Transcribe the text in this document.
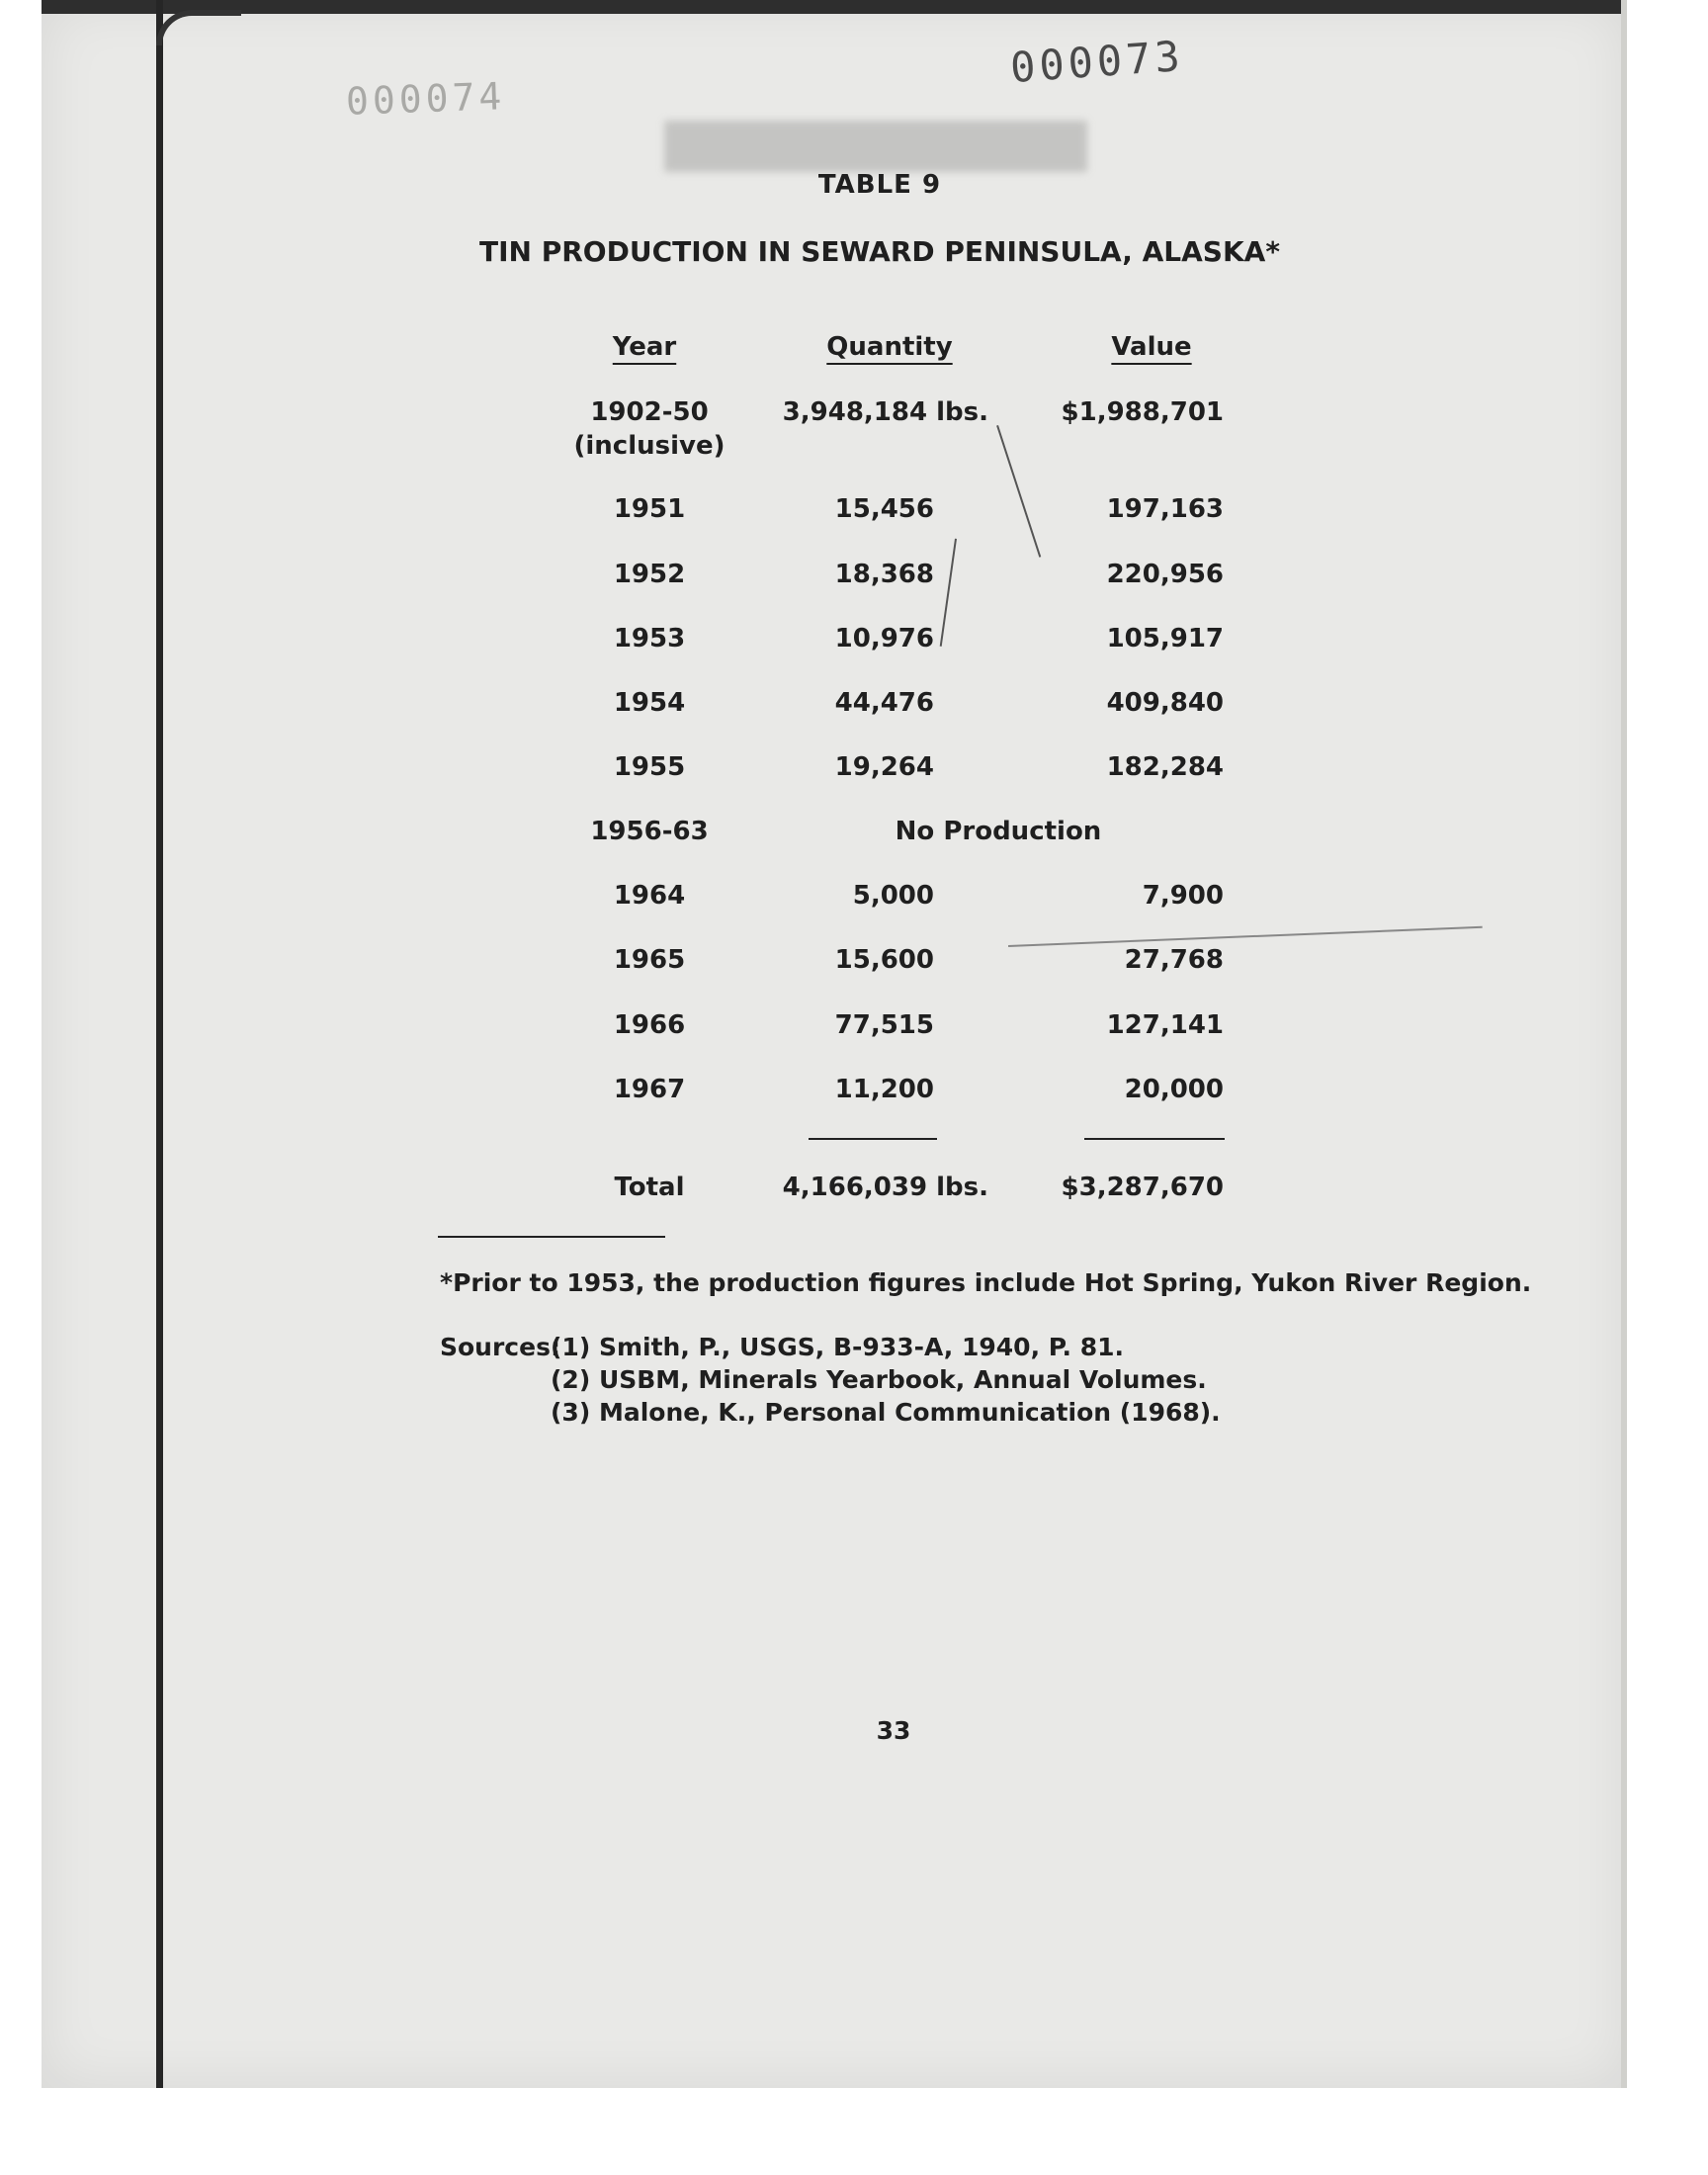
000073
000074
TABLE 9
TIN PRODUCTION IN SEWARD PENINSULA, ALASKA*
Year	Quantity	Value
1902-50
(inclusive)
3,948,184 lbs.	$1,988,701
1951	15,456	197,163
1952	18,368	220,956
1953	10,976	105,917
1954	44,476	409,840
1955	19,264	182,284
1956-63	No Production
1964	5,000	7,900
1965	15,600	27,768
1966	77,515	127,141
1967	11,200	20,000
Total	4,166,039 lbs.	$3,287,670
*Prior to 1953, the production figures include Hot Spring, Yukon River Region.
Sources:
(1) Smith, P., USGS, B-933-A, 1940, P. 81.
(2) USBM, Minerals Yearbook, Annual Volumes.
(3) Malone, K., Personal Communication (1968).
33
